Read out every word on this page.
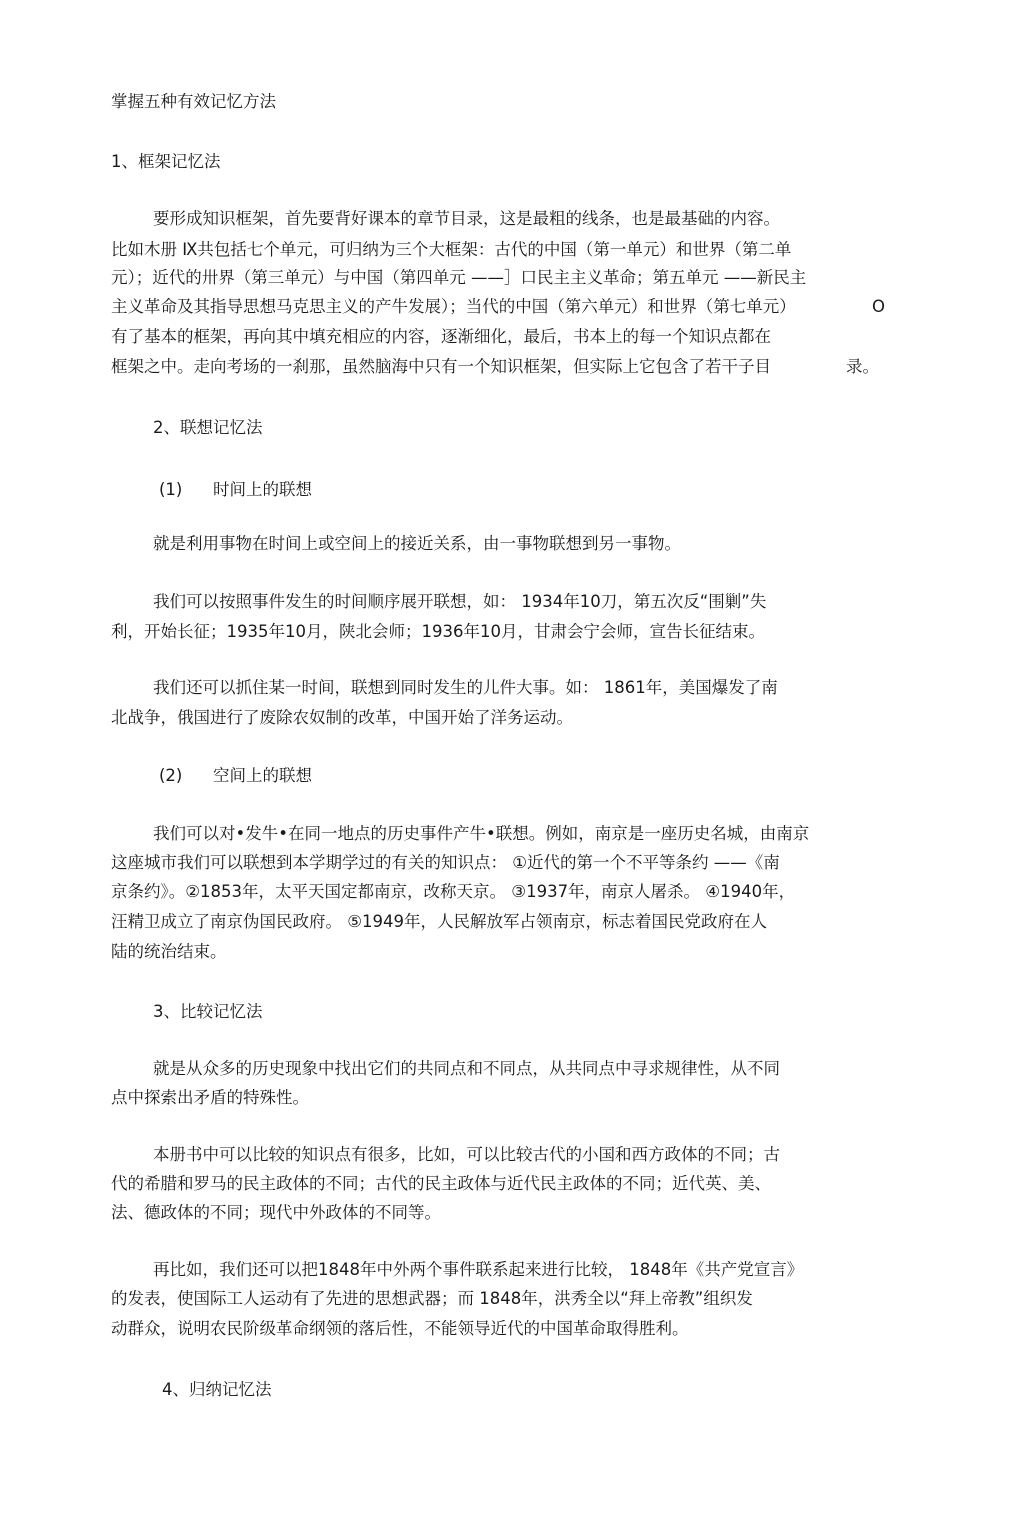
掌握五种有效记忆方法
1、框架记忆法
要形成知识框架，首先要背好课本的章节目录，这是最粗的线条，也是最基础的内容。
比如木册 Ⅸ共包括七个单元，可归纳为三个大框架：古代的中国（第一单元）和世界（第二单
元）；近代的卅界（第三单元）与中国（第四单元 ——］口民主主义革命；第五单元 ——新民主
主义革命及其指导思想马克思主义的产牛发展）；当代的中国（第六单元）和世界（第七单元）	O
有了基本的框架，再向其中填充相应的内容，逐渐细化，最后，书本上的每一个知识点都在
框架之中。走向考场的一刹那，虽然脑海中只有一个知识框架，但实际上它包含了若干子目	录。
2、联想记忆法
(1) 时间上的联想
就是利用事物在时间上或空间上的接近关系，由一事物联想到另一事物。
我们可以按照事件发生的时间顺序展开联想，如： 1934年10刀，第五次反“围剿”失
利，开始长征；1935年10月，陕北会师；1936年10月，甘肃会宁会师，宣告长征结束。
我们还可以抓住某一时间，联想到同时发生的儿件大事。如： 1861年，美国爆发了南
北战争，俄国进行了废除农奴制的改革，中国开始了洋务运动。
(2) 空间上的联想
我们可以对•发牛•在同一地点的历史事件产牛•联想。例如，南京是一座历史名城，由南京
这座城市我们可以联想到本学期学过的有关的知识点： ①近代的第一个不平等条约 ——《南
京条约》。②1853年，太平天国定都南京，改称天京。 ③1937年，南京人屠杀。 ④1940年，
汪精卫成立了南京伪国民政府。 ⑤1949年，人民解放军占领南京，标志着国民党政府在人
陆的统治结束。
3、比较记忆法
就是从众多的历史现象中找出它们的共同点和不同点，从共同点中寻求规律性，从不同
点中探索出矛盾的特殊性。
本册书中可以比较的知识点有很多，比如，可以比较古代的小国和西方政体的不同；古
代的希腊和罗马的民主政体的不同；古代的民主政体与近代民主政体的不同；近代英、美、
法、德政体的不同；现代中外政体的不同等。
再比如，我们还可以把1848年中外两个事件联系起来进行比较， 1848年《共产党宣言》
的发表，使国际工人运动有了先进的思想武器；而 1848年，洪秀全以“拜上帝教”组织发
动群众，说明农民阶级革命纲领的落后性，不能领导近代的中国革命取得胜利。
4、归纳记忆法
